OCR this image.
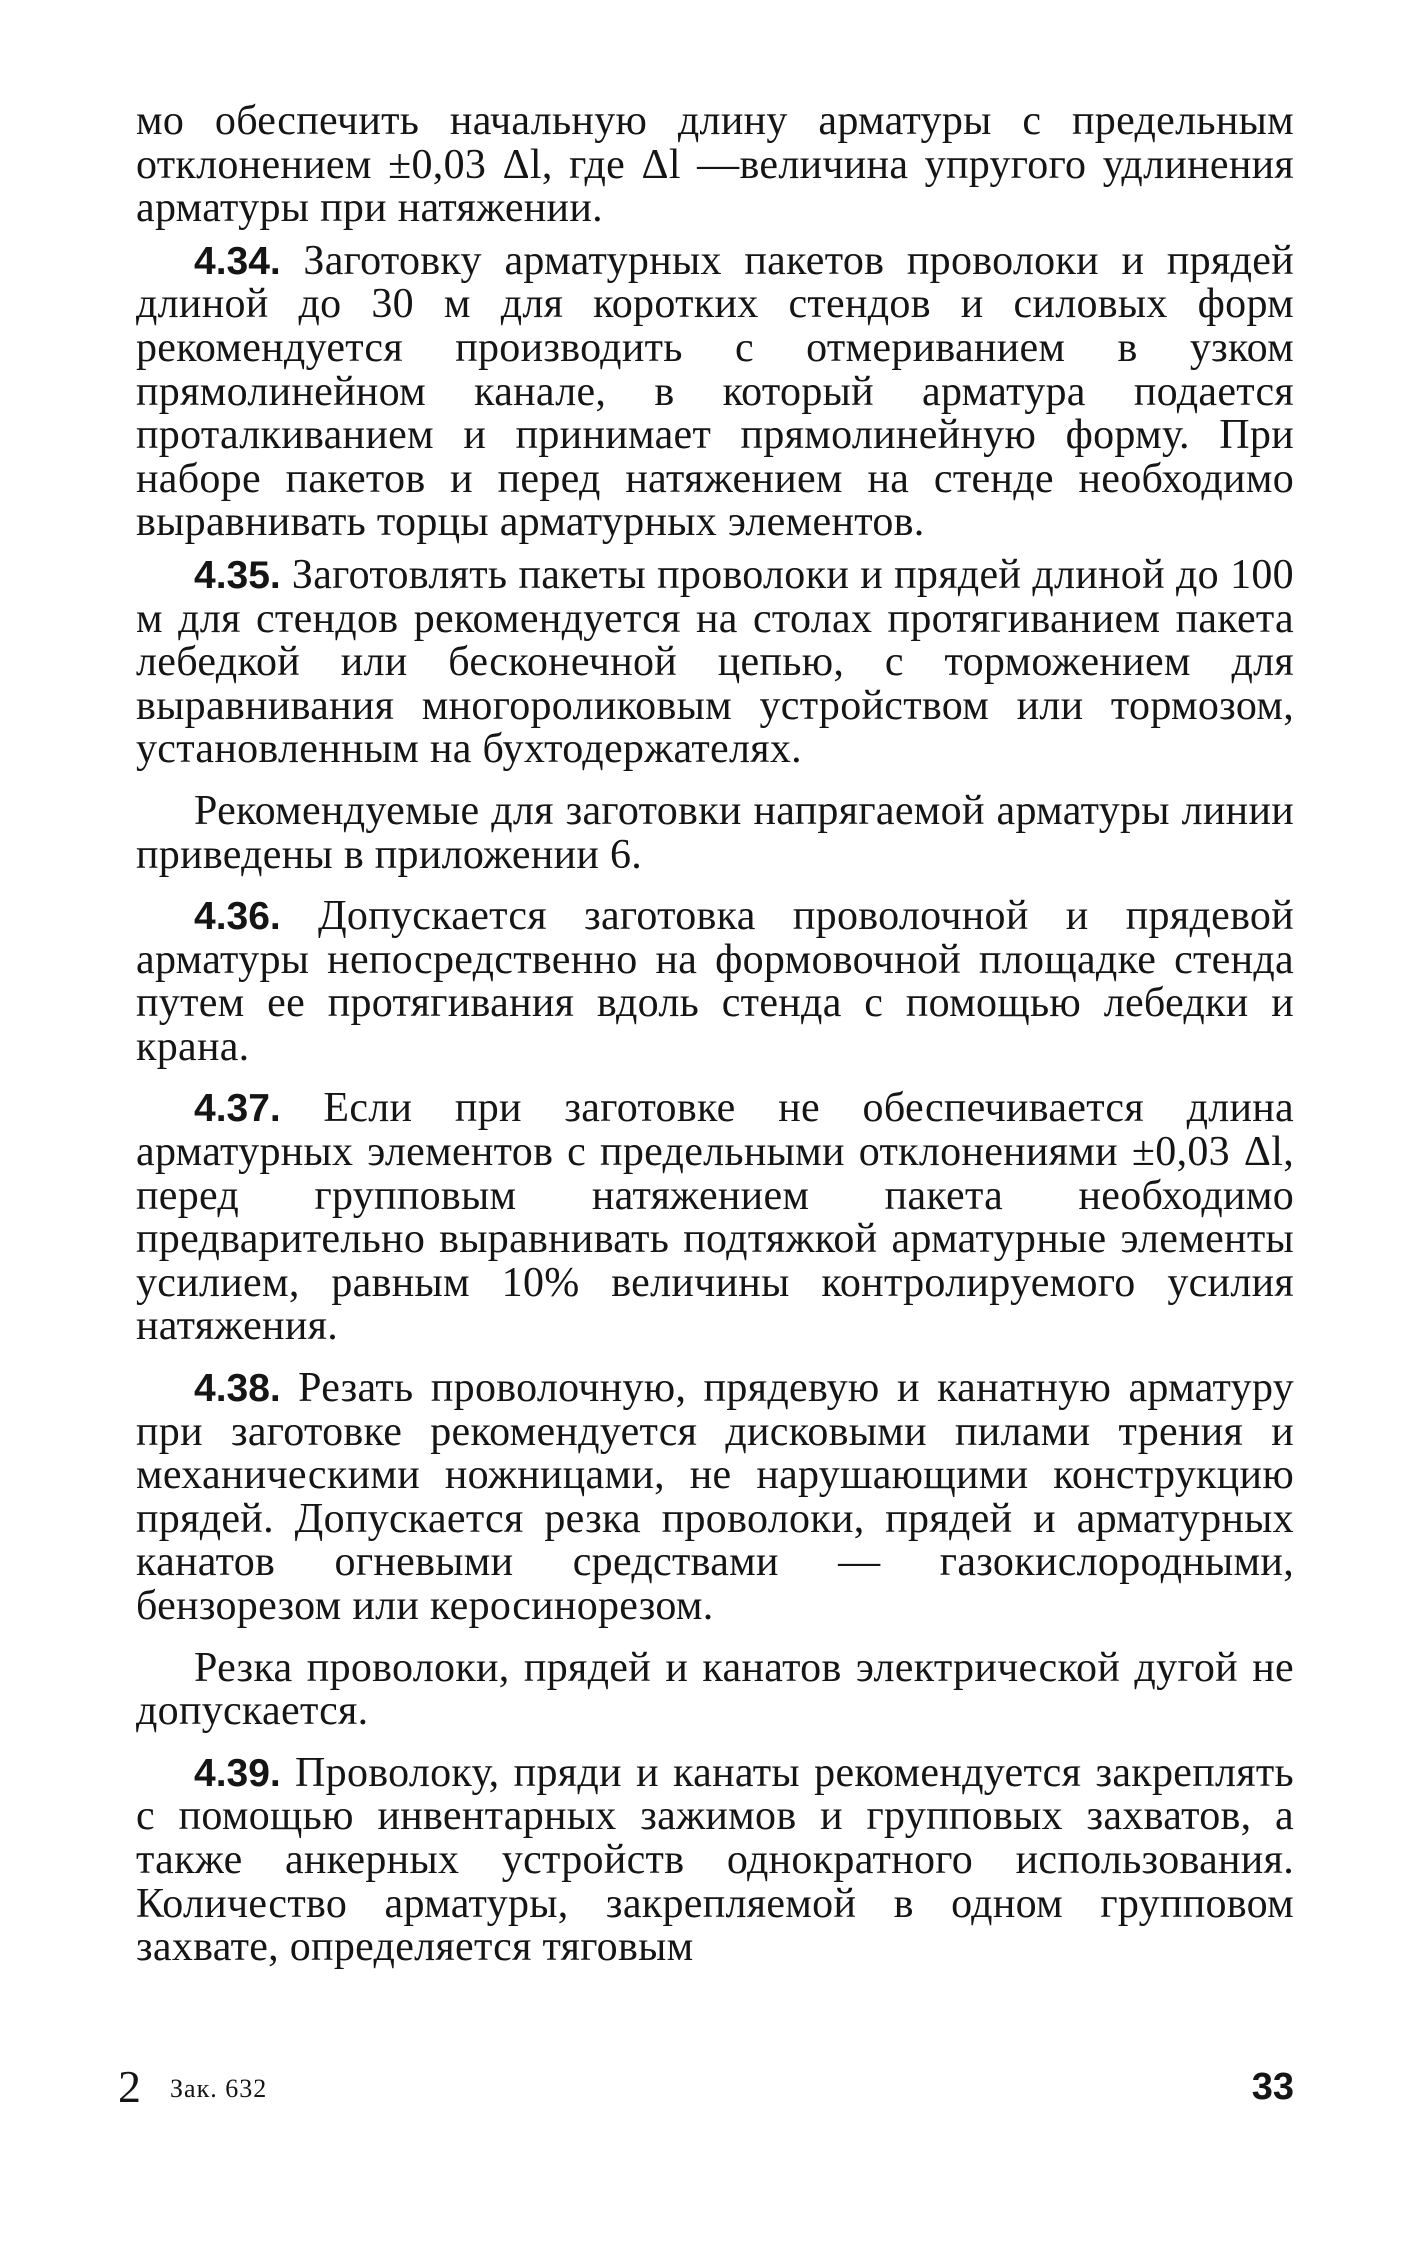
мо обеспечить начальную длину арматуры с предельным отклонением ±0,03 Δl, где Δl —величина упругого удлинения арматуры при натяжении.

4.34. Заготовку арматурных пакетов проволоки и прядей длиной до 30 м для коротких стендов и силовых форм рекомендуется производить с отмериванием в узком прямолинейном канале, в который арматура подается проталкиванием и принимает прямолинейную форму. При наборе пакетов и перед натяжением на стенде необходимо выравнивать торцы арматурных элементов.

4.35. Заготовлять пакеты проволоки и прядей длиной до 100 м для стендов рекомендуется на столах протягиванием пакета лебедкой или бесконечной цепью, с торможением для выравнивания многороликовым устройством или тормозом, установленным на бухтодержателях.

Рекомендуемые для заготовки напрягаемой арматуры линии приведены в приложении 6.

4.36. Допускается заготовка проволочной и прядевой арматуры непосредственно на формовочной площадке стенда путем ее протягивания вдоль стенда с помощью лебедки и крана.

4.37. Если при заготовке не обеспечивается длина арматурных элементов с предельными отклонениями ±0,03 Δl, перед групповым натяжением пакета необходимо предварительно выравнивать подтяжкой арматурные элементы усилием, равным 10% величины контролируемого усилия натяжения.

4.38. Резать проволочную, прядевую и канатную арматуру при заготовке рекомендуется дисковыми пилами трения и механическими ножницами, не нарушающими конструкцию прядей. Допускается резка проволоки, прядей и арматурных канатов огневыми средствами — газокислородными, бензорезом или керосинорезом.

Резка проволоки, прядей и канатов электрической дугой не допускается.

4.39. Проволоку, пряди и канаты рекомендуется закреплять с помощью инвентарных зажимов и групповых захватов, а также анкерных устройств однократного использования. Количество арматуры, закрепляемой в одном групповом захвате, определяется тяговым

2 Зак. 632	33
